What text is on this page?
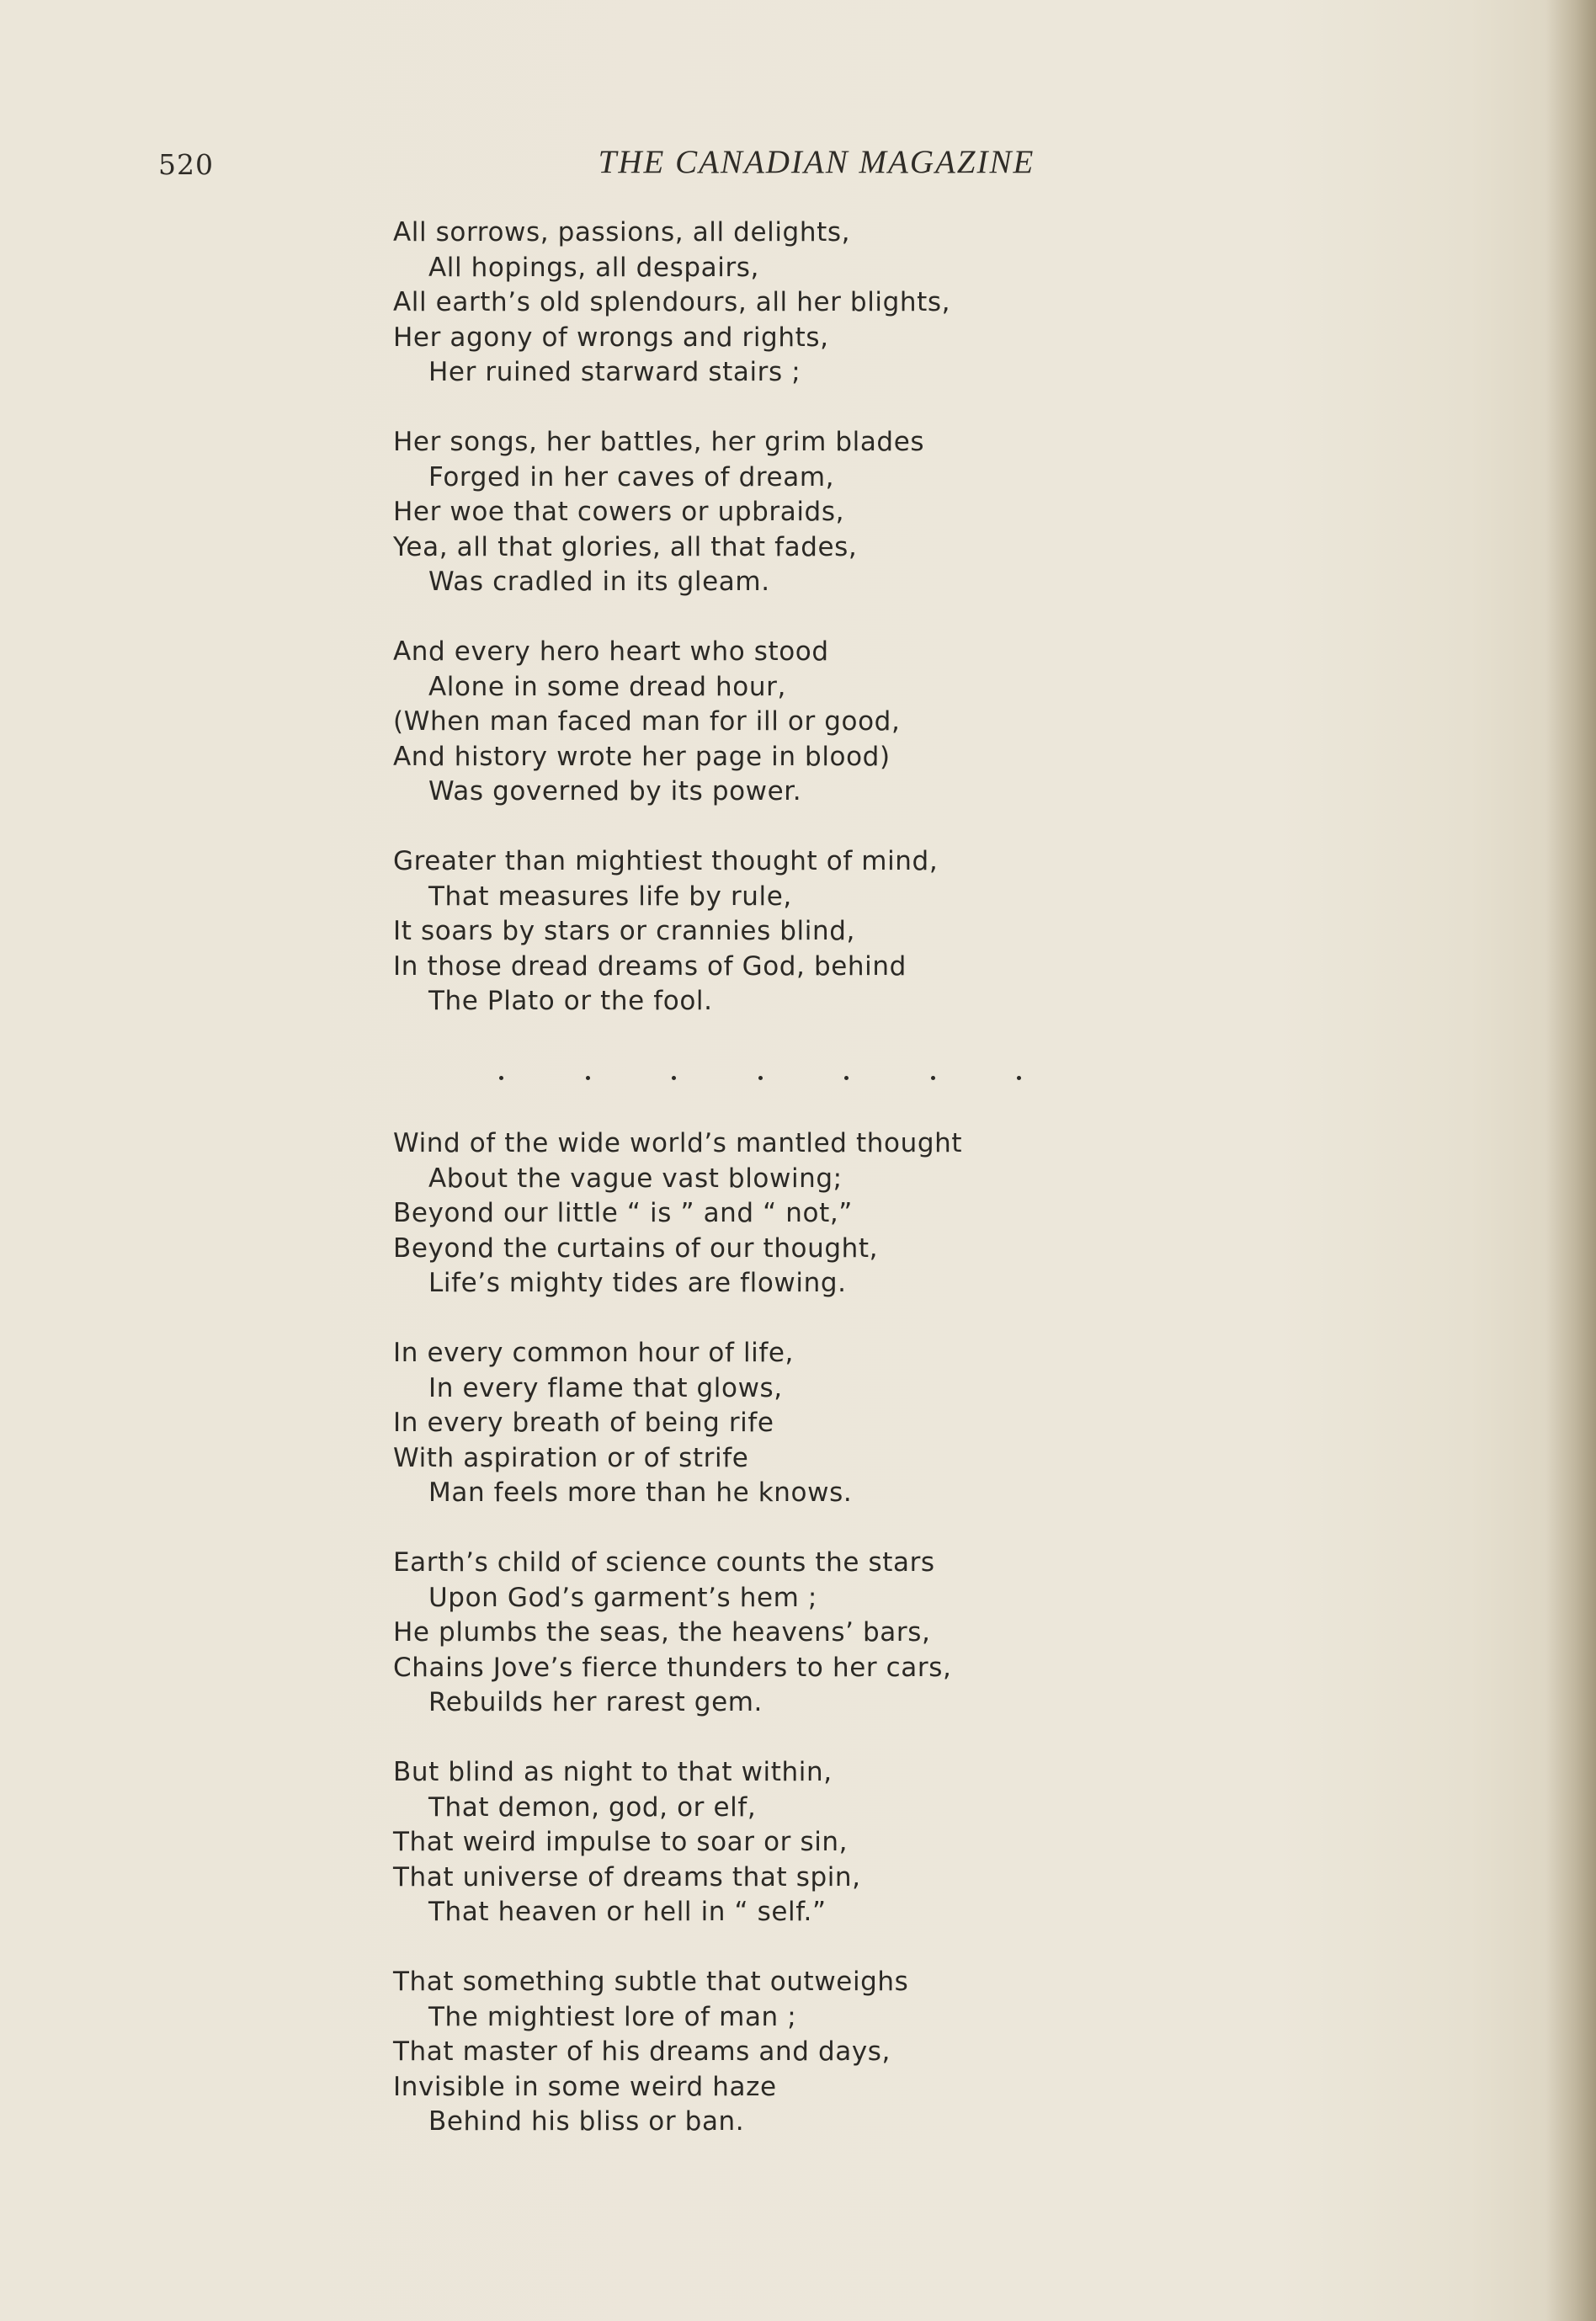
520	THE CANADIAN MAGAZINE
All sorrows, passions, all delights,
All hopings, all despairs,
All earth’s old splendours, all her blights,
Her agony of wrongs and rights,
Her ruined starward stairs ;
Her songs, her battles, her grim blades
Forged in her caves of dream,
Her woe that cowers or upbraids,
Yea, all that glories, all that fades,
Was cradled in its gleam.
And every hero heart who stood
Alone in some dread hour,
(When man faced man for ill or good,
And history wrote her page in blood)
Was governed by its power.
Greater than mightiest thought of mind,
That measures life by rule,
It soars by stars or crannies blind,
In those dread dreams of God, behind
The Plato or the fool.
Wind of the wide world’s mantled thought
About the vague vast blowing;
Beyond our little “ is ” and “ not,”
Beyond the curtains of our thought,
Life’s mighty tides are flowing.
In every common hour of life,
In every flame that glows,
In every breath of being rife
With aspiration or of strife
Man feels more than he knows.
Earth’s child of science counts the stars
Upon God’s garment’s hem ;
He plumbs the seas, the heavens’ bars,
Chains Jove’s fierce thunders to her cars,
Rebuilds her rarest gem.
But blind as night to that within,
That demon, god, or elf,
That weird impulse to soar or sin,
That universe of dreams that spin,
That heaven or hell in “ self.”
That something subtle that outweighs
The mightiest lore of man ;
That master of his dreams and days,
Invisible in some weird haze
Behind his bliss or ban.
